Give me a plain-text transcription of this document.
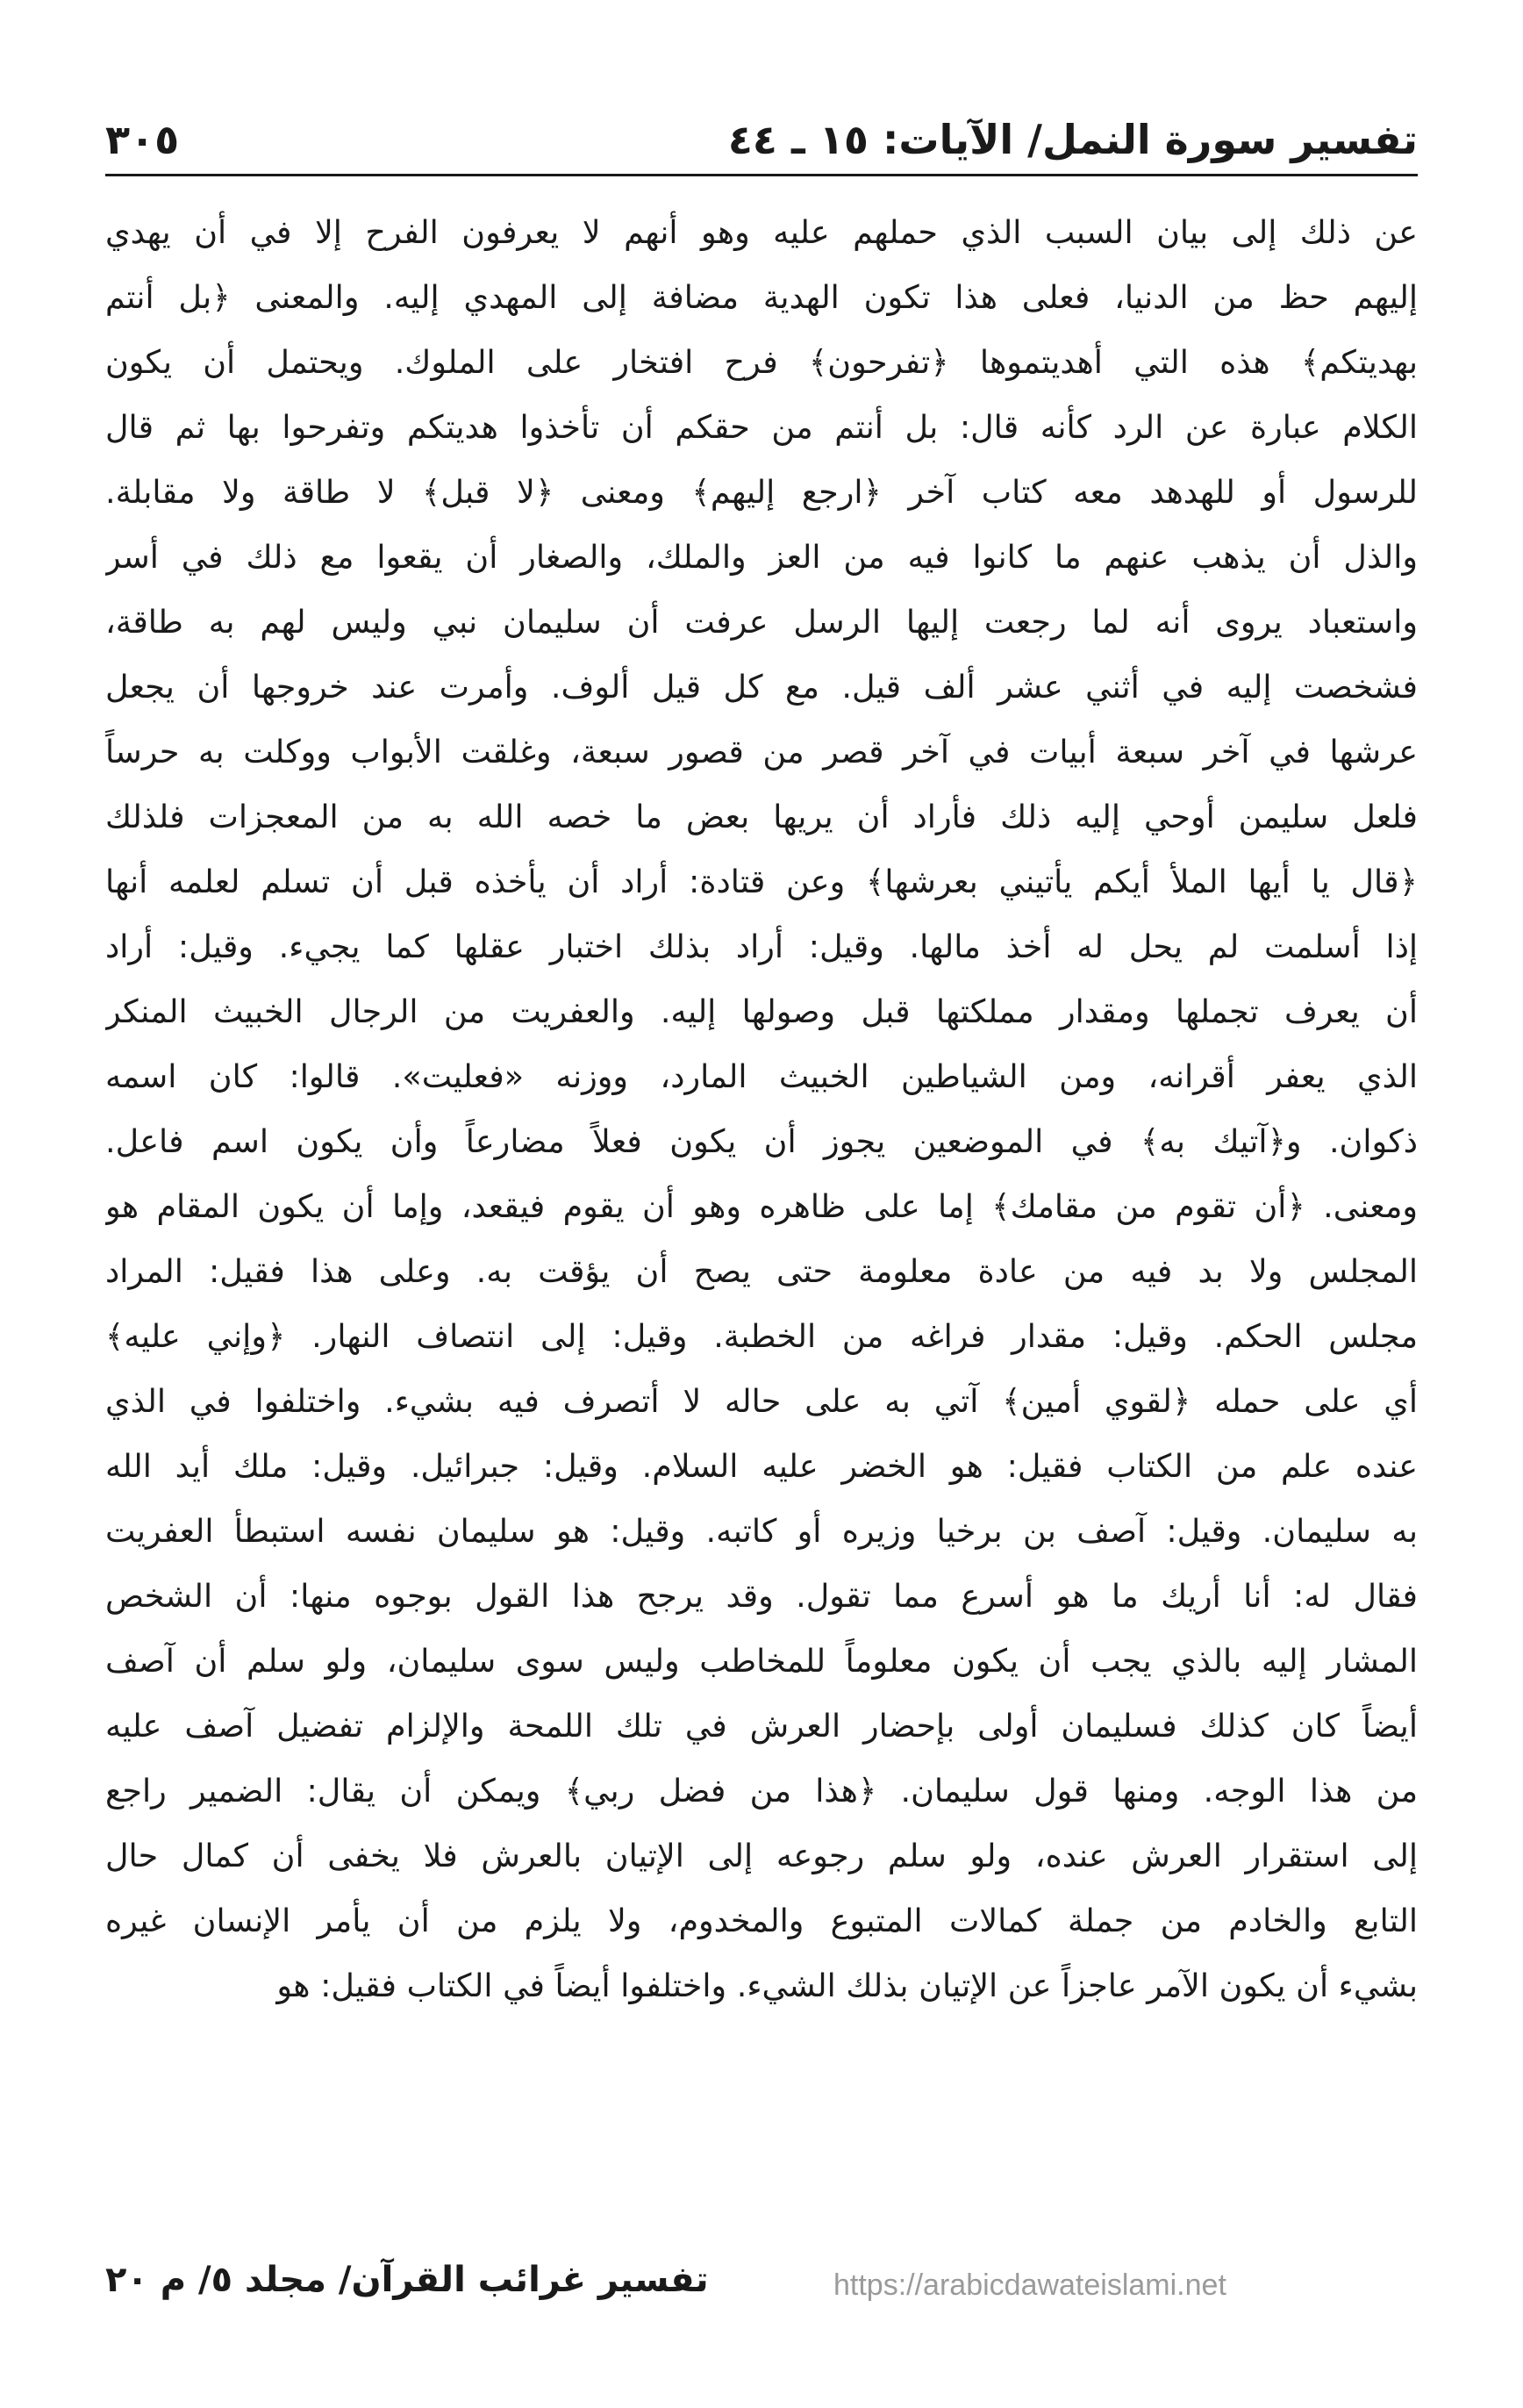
تفسير سورة النمل/ الآيات: ١٥ ـ ٤٤
٣٠٥
عن ذلك إلى بيان السبب الذي حملهم عليه وهو أنهم لا يعرفون الفرح إلا في أن يهدي
إليهم حظ من الدنيا، فعلى هذا تكون الهدية مضافة إلى المهدي إليه. والمعنى ﴿بل أنتم
بهديتكم﴾ هذه التي أهديتموها ﴿تفرحون﴾ فرح افتخار على الملوك. ويحتمل أن يكون
الكلام عبارة عن الرد كأنه قال: بل أنتم من حقكم أن تأخذوا هديتكم وتفرحوا بها ثم قال
للرسول أو للهدهد معه كتاب آخر ﴿ارجع إليهم﴾ ومعنى ﴿لا قبل﴾ لا طاقة ولا مقابلة.
والذل أن يذهب عنهم ما كانوا فيه من العز والملك، والصغار أن يقعوا مع ذلك في أسر
واستعباد يروى أنه لما رجعت إليها الرسل عرفت أن سليمان نبي وليس لهم به طاقة،
فشخصت إليه في أثني عشر ألف قيل. مع كل قيل ألوف. وأمرت عند خروجها أن يجعل
عرشها في آخر سبعة أبيات في آخر قصر من قصور سبعة، وغلقت الأبواب ووكلت به حرساً
فلعل سليمن أوحي إليه ذلك فأراد أن يريها بعض ما خصه الله به من المعجزات فلذلك
﴿قال يا أيها الملأ أيكم يأتيني بعرشها﴾ وعن قتادة: أراد أن يأخذه قبل أن تسلم لعلمه أنها
إذا أسلمت لم يحل له أخذ مالها. وقيل: أراد بذلك اختبار عقلها كما يجيء. وقيل: أراد
أن يعرف تجملها ومقدار مملكتها قبل وصولها إليه. والعفريت من الرجال الخبيث المنكر
الذي يعفر أقرانه، ومن الشياطين الخبيث المارد، ووزنه «فعليت». قالوا: كان اسمه
ذكوان. و﴿آتيك به﴾ في الموضعين يجوز أن يكون فعلاً مضارعاً وأن يكون اسم فاعل.
ومعنى. ﴿أن تقوم من مقامك﴾ إما على ظاهره وهو أن يقوم فيقعد، وإما أن يكون المقام هو
المجلس ولا بد فيه من عادة معلومة حتى يصح أن يؤقت به. وعلى هذا فقيل: المراد
مجلس الحكم. وقيل: مقدار فراغه من الخطبة. وقيل: إلى انتصاف النهار. ﴿وإني عليه﴾
أي على حمله ﴿لقوي أمين﴾ آتي به على حاله لا أتصرف فيه بشيء. واختلفوا في الذي
عنده علم من الكتاب فقيل: هو الخضر عليه السلام. وقيل: جبرائيل. وقيل: ملك أيد الله
به سليمان. وقيل: آصف بن برخيا وزيره أو كاتبه. وقيل: هو سليمان نفسه استبطأ العفريت
فقال له: أنا أريك ما هو أسرع مما تقول. وقد يرجح هذا القول بوجوه منها: أن الشخص
المشار إليه بالذي يجب أن يكون معلوماً للمخاطب وليس سوى سليمان، ولو سلم أن آصف
أيضاً كان كذلك فسليمان أولى بإحضار العرش في تلك اللمحة والإلزام تفضيل آصف عليه
من هذا الوجه. ومنها قول سليمان. ﴿هذا من فضل ربي﴾ ويمكن أن يقال: الضمير راجع
إلى استقرار العرش عنده، ولو سلم رجوعه إلى الإتيان بالعرش فلا يخفى أن كمال حال
التابع والخادم من جملة كمالات المتبوع والمخدوم، ولا يلزم من أن يأمر الإنسان غيره
بشيء أن يكون الآمر عاجزاً عن الإتيان بذلك الشيء. واختلفوا أيضاً في الكتاب فقيل: هو
تفسير غرائب القرآن/ مجلد ٥/ م ٢٠	https://arabicdawateislami.net
